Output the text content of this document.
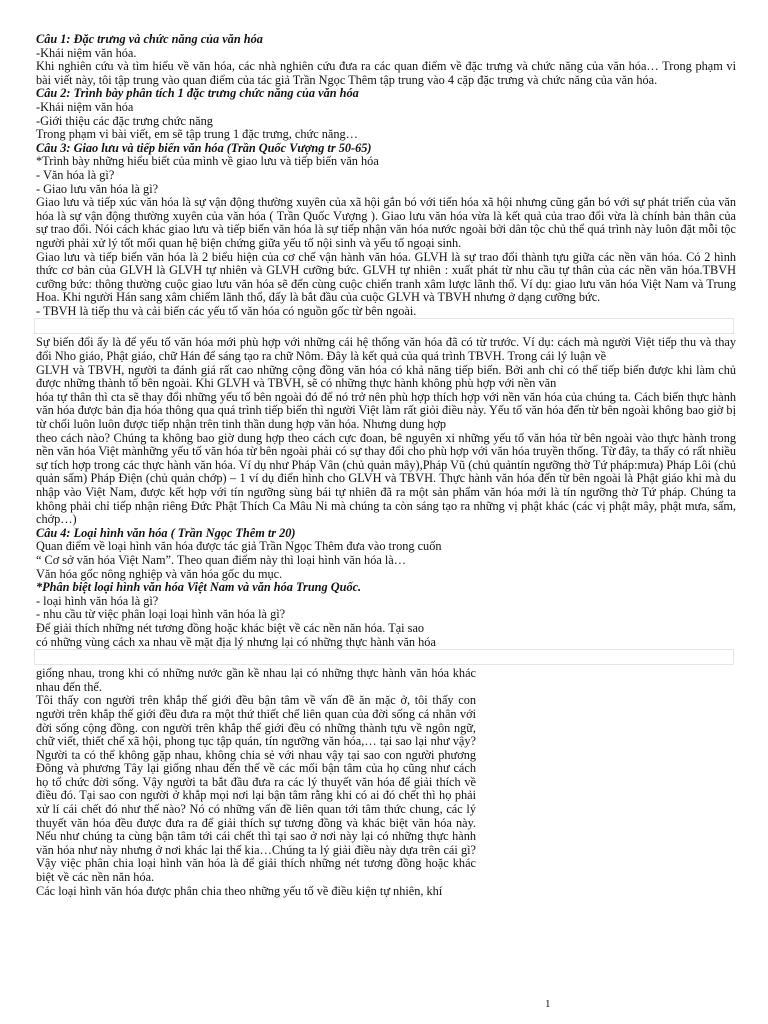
Câu 1: Đặc trưng và chức năng của văn hóa

-Khái niệm văn hóa.

Khi nghiên cứu và tìm hiểu về văn hóa, các nhà nghiên cứu đưa ra các quan điểm về đặc trưng và chức năng của văn hóa… Trong phạm vi bài viết này, tôi tập trung vào quan điểm của tác giả Trần Ngọc Thêm tập trung vào 4 cặp đặc trưng và chức năng của văn hóa.

Câu 2: Trình bày phân tích 1 đặc trưng chức năng của văn hóa

-Khái niệm văn hóa

-Giới thiệu các đặc trưng chức năng

Trong phạm vi bài viết, em sẽ tập trung 1 đặc trưng, chức năng…

Câu 3: Giao lưu và tiếp biến văn hóa (Trần Quốc Vượng tr 50-65)

*Trình bày những hiểu biết của mình về giao lưu và tiếp biến văn hóa

- Văn hóa là gì?

- Giao lưu văn hóa là gì?

Giao lưu và tiếp xúc văn hóa là sự vận động thường xuyên của xã hội gắn bó với tiến hóa xã hội nhưng cũng gắn bó với sự phát triển của văn hóa là sự vận động thường xuyên của văn hóa ( Trần Quốc Vượng ). Giao lưu văn hóa vừa là kết quả của trao đổi vừa là chính bản thân của sự trao đổi. Nói cách khác giao lưu và tiếp biến văn hóa là sự tiếp nhận văn hóa nước ngoài bởi dân tộc chủ thể quá trình này luôn đặt mỗi tộc người phải xử lý tốt mối quan hệ biện chứng giữa yếu tố nội sinh và yếu tố ngoại sinh.

Giao lưu và tiếp biến văn hóa là 2 biểu hiện của cơ chế vận hành văn hóa. GLVH là sự trao đổi thành tựu giữa các nền văn hóa. Có 2 hình thức cơ bản của GLVH là GLVH tự nhiên và GLVH cưỡng bức. GLVH tự nhiên : xuất phát từ nhu cầu tự thân của các nền văn hóa.TBVH cưỡng bức: thông thường cuộc giao lưu văn hóa sẽ đến cùng cuộc chiến tranh xâm lược lãnh thổ. Ví dụ: giao lưu văn hóa Việt Nam và Trung Hoa. Khi người Hán sang xâm chiếm lãnh thổ, đấy là bắt đầu của cuộc GLVH và TBVH nhưng ở dạng cưỡng bức.

- TBVH là tiếp thu và cải biến các yếu tố văn hóa có nguồn gốc từ bên ngoài.

Sự biến đổi ấy là để yếu tố văn hóa mới phù hợp với những cái hệ thống văn hóa đã có từ trước. Ví dụ: cách mà người Việt tiếp thu và thay đổi Nho giáo, Phật giáo, chữ Hán để sáng tạo ra chữ Nôm. Đây là kết quả của quá trình TBVH. Trong cái lý luận về

GLVH và TBVH, người ta đánh giá rất cao những cộng đồng văn hóa có khả năng tiếp biến. Bởi anh chỉ có thể tiếp biến được khi làm chủ được những thành tố bên ngoài. Khi GLVH và TBVH, sẽ có những thực hành không phù hợp với nền văn

hóa tự thân thì cta sẽ thay đổi những yếu tố bên ngoài đó để nó trở nên phù hợp thích hợp với nền văn hóa của chúng ta. Cách biến thực hành văn hóa được bản địa hóa thông qua quá trình tiếp biến thì người Việt làm rất giỏi điều này. Yếu tố văn hóa đến từ bên ngoài không bao giờ bị từ chối luôn luôn được tiếp nhận trên tinh thần dung hợp văn hóa. Nhưng dung hợp

theo cách nào? Chúng ta không bao giờ dung hợp theo cách cực đoan, bê nguyên xi những yếu tố văn hóa từ bên ngoài vào thực hành trong nền văn hóa Việt mànhững yếu tố văn hóa từ bên ngoài phải có sự thay đổi cho phù hợp với văn hóa truyền thống. Từ đây, ta thấy có rất nhiều sự tích hợp trong các thực hành văn hóa. Ví dụ như Pháp Vân (chủ quản mây),Pháp Vũ (chủ quảntín ngưỡng thờ Tứ pháp:mưa) Pháp Lôi (chủ quản sấm) Pháp Điện (chủ quản chớp) – 1 ví dụ điển hình cho GLVH và TBVH. Thực hành văn hóa đến từ bên ngoài là Phật giáo khi mà du nhập vào Việt Nam, được kết hợp với tín ngưỡng sùng bái tự nhiên đã ra một sản phẩm văn hóa mới là tín ngưỡng thờ Tứ pháp. Chúng ta không phải chỉ tiếp nhận riêng Đức Phật Thích Ca Mâu Ni mà chúng ta còn sáng tạo ra những vị phật khác (các vị phật mây, phật mưa, sấm, chớp…)

Câu 4: Loại hình văn hóa ( Trần Ngọc Thêm tr 20)

Quan điểm về loại hình văn hóa được tác giả Trần Ngọc Thêm đưa vào trong cuốn

“ Cơ sở văn hóa Việt Nam”. Theo quan điểm này thì loại hình văn hóa là…

Văn hóa gốc nông nghiệp và văn hóa gốc du mục.

*Phân biệt loại hình văn hóa Việt Nam và văn hóa Trung Quốc.

- loại hình văn hóa là gì?

- nhu cầu từ việc phân loại loại hình văn hóa là gì?

Để giải thích những nét tương đồng hoặc khác biệt về các nền năn hóa. Tại sao

có những vùng cách xa nhau về mặt địa lý nhưng lại có những thực hành văn hóa

giống nhau, trong khi có những nước gần kề nhau lại có những thực hành văn hóa khác nhau đến thế.

Tôi thấy con người trên khắp thế giới đều bận tâm về vấn đề ăn mặc ở, tôi thấy con người trên khắp thế giới đều đưa ra một thứ thiết chế liên quan của đời sống cá nhân với đời sống cộng đồng. con người trên khắp thế giới đều có những thành tựu về ngôn ngữ, chữ viết, thiết chế xã hội, phong tục tập quán, tín ngưỡng văn hóa,… tại sao lại như vậy? Người ta có thể không gặp nhau, không chia sẻ với nhau vậy tại sao con người phương Đông và phương Tây lại giống nhau đến thế về các mối bận tâm của họ cũng như cách họ tổ chức đời sống. Vậy người ta bắt đầu đưa ra các lý thuyết văn hóa để giải thích về điều đó. Tại sao con người ở khắp mọi nơi lại bận tâm rằng khi có ai đó chết thì họ phải xử lí cái chết đó như thế nào? Nó có những vấn đề liên quan tới tâm thức chung, các lý thuyết văn hóa đều được đưa ra để giải thích sự tương đồng và khác biệt văn hóa này. Nếu như chúng ta cùng bận tâm tới cái chết thì tại sao ở nơi này lại có những thực hành văn hóa như này nhưng ở nơi khác lại thế kia…Chúng ta lý giải điều này dựa trên cái gì? Vậy việc phân chia loại hình văn hóa là để giải thích những nét tương đồng hoặc khác biệt về các nền năn hóa.

Các loại hình văn hóa được phân chia theo những yếu tố về điều kiện tự nhiên, khí

1
